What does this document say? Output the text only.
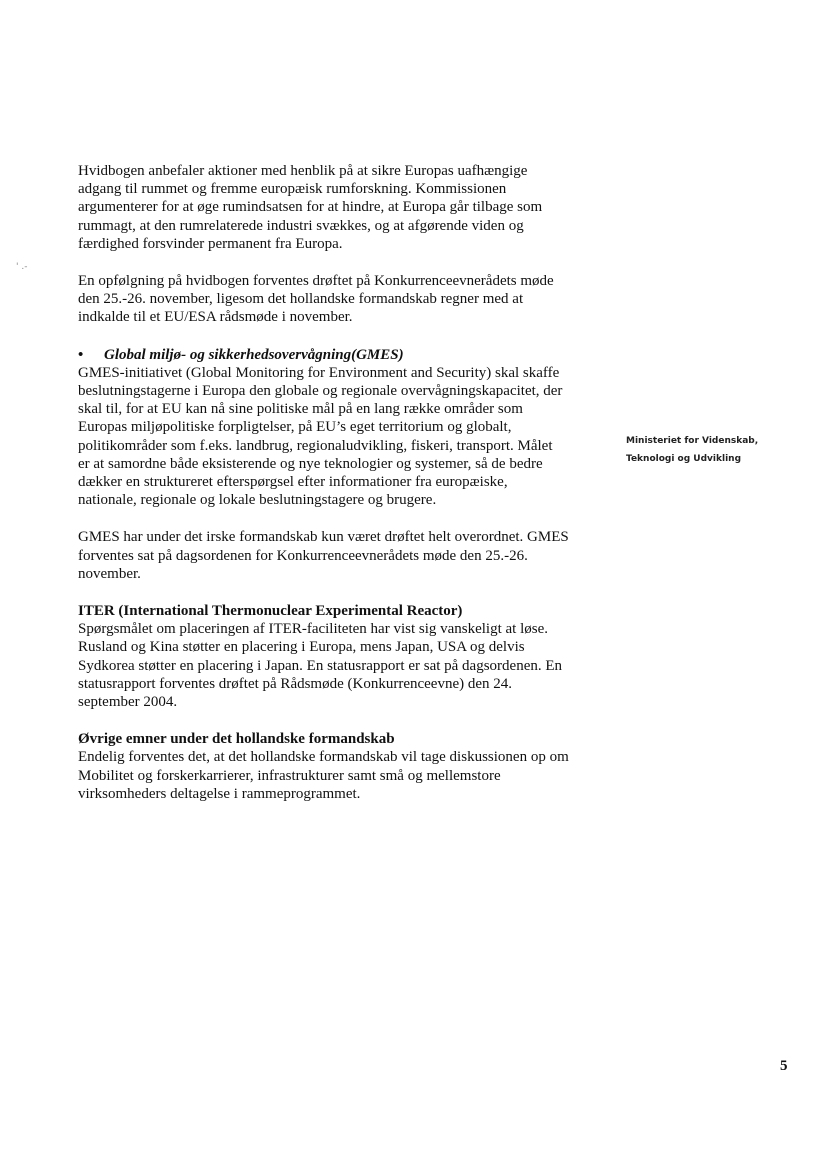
' .-

Hvidbogen anbefaler aktioner med henblik på at sikre Europas uafhængige
adgang til rummet og fremme europæisk rumforskning. Kommissionen
argumenterer for at øge rumindsatsen for at hindre, at Europa går tilbage som
rummagt, at den rumrelaterede industri svækkes, og at afgørende viden og
færdighed forsvinder permanent fra Europa.

En opfølgning på hvidbogen forventes drøftet på Konkurrenceevnerådets møde
den 25.-26. november, ligesom det hollandske formandskab regner med at
indkalde til et EU/ESA rådsmøde i november.

• Global miljø- og sikkerhedsovervågning(GMES)
GMES-initiativet (Global Monitoring for Environment and Security) skal skaffe
beslutningstagerne i Europa den globale og regionale overvågningskapacitet, der
skal til, for at EU kan nå sine politiske mål på en lang række områder som
Europas miljøpolitiske forpligtelser, på EU’s eget territorium og globalt,
politikområder som f.eks. landbrug, regionaludvikling, fiskeri, transport. Målet
er at samordne både eksisterende og nye teknologier og systemer, så de bedre
dækker en struktureret efterspørgsel efter informationer fra europæiske,
nationale, regionale og lokale beslutningstagere og brugere.

GMES har under det irske formandskab kun været drøftet helt overordnet. GMES
forventes sat på dagsordenen for Konkurrenceevnerådets møde den 25.-26.
november.

ITER (International Thermonuclear Experimental Reactor)
Spørgsmålet om placeringen af ITER-faciliteten har vist sig vanskeligt at løse.
Rusland og Kina støtter en placering i Europa, mens Japan, USA og delvis
Sydkorea støtter en placering i Japan. En statusrapport er sat på dagsordenen. En
statusrapport forventes drøftet på Rådsmøde (Konkurrenceevne) den 24.
september 2004.

Øvrige emner under det hollandske formandskab
Endelig forventes det, at det hollandske formandskab vil tage diskussionen op om
Mobilitet og forskerkarrierer, infrastrukturer samt små og mellemstore
virksomheders deltagelse i rammeprogrammet.

Ministeriet for Videnskab,
Teknologi og Udvikling
5
